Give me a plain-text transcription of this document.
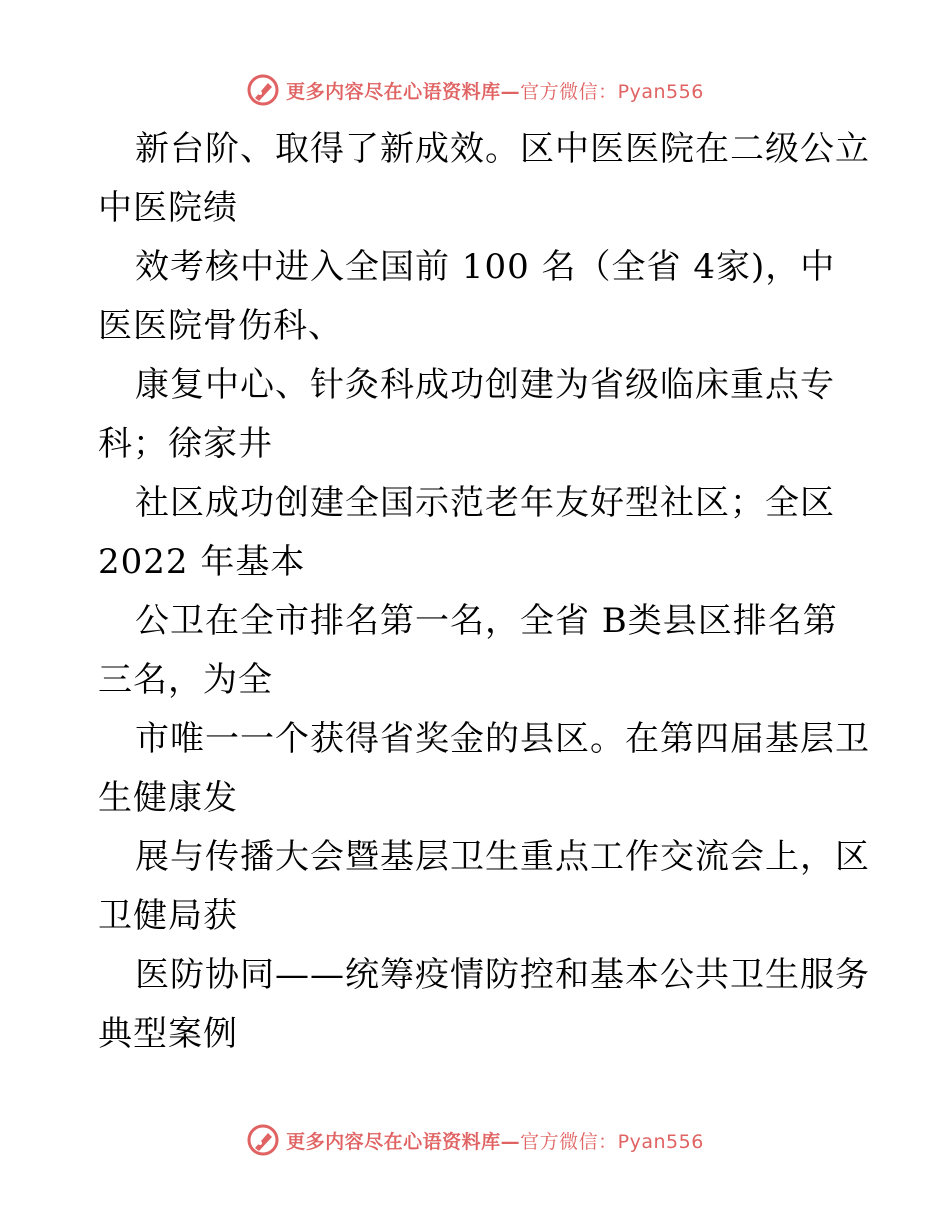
更多内容尽在心语资料库—官方微信：Pyan556
新台阶、取得了新成效。区中医医院在二级公立
中医院绩
效考核中进入全国前 100 名（全省 4家)，中
医医院骨伤科、
康复中心、针灸科成功创建为省级临床重点专
科；徐家井
社区成功创建全国示范老年友好型社区；全区
2022 年基本
公卫在全市排名第一名，全省 B类县区排名第
三名，为全
市唯一一个获得省奖金的县区。在第四届基层卫
生健康发
展与传播大会暨基层卫生重点工作交流会上，区
卫健局获
医防协同——统筹疫情防控和基本公共卫生服务
典型案例
更多内容尽在心语资料库—官方微信：Pyan556
